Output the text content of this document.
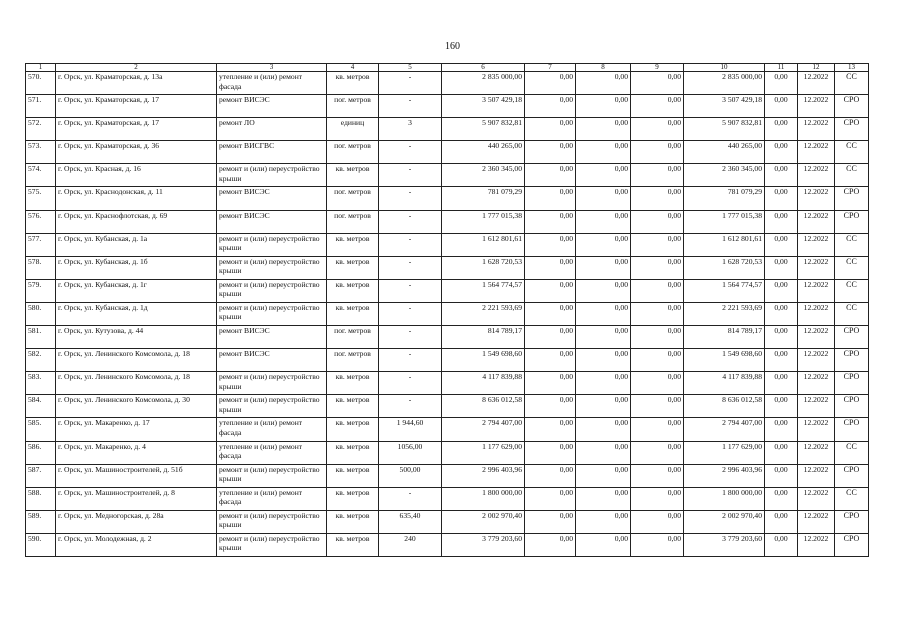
160
1	2	3	4	5	6	7	8	9	10	11	12	13
570.	г. Орск, ул. Краматорская, д. 13а	утепление и (или) ремонт фасада	кв. метров	-	2 835 000,00	0,00	0,00	0,00	2 835 000,00	0,00	12.2022	СС
571.	г. Орск, ул. Краматорская, д. 17	ремонт ВИСЭС	пог. метров	-	3 507 429,18	0,00	0,00	0,00	3 507 429,18	0,00	12.2022	СРО
572.	г. Орск, ул. Краматорская, д. 17	ремонт ЛО	единиц	3	5 907 832,81	0,00	0,00	0,00	5 907 832,81	0,00	12.2022	СРО
573.	г. Орск, ул. Краматорская, д. 36	ремонт ВИСГВС	пог. метров	-	440 265,00	0,00	0,00	0,00	440 265,00	0,00	12.2022	СС
574.	г. Орск, ул. Красная, д. 16	ремонт и (или) переустройство крыши	кв. метров	-	2 360 345,00	0,00	0,00	0,00	2 360 345,00	0,00	12.2022	СС
575.	г. Орск, ул. Краснодонская, д. 11	ремонт ВИСЭС	пог. метров	-	781 079,29	0,00	0,00	0,00	781 079,29	0,00	12.2022	СРО
576.	г. Орск, ул. Краснофлотская, д. 69	ремонт ВИСЭС	пог. метров	-	1 777 015,38	0,00	0,00	0,00	1 777 015,38	0,00	12.2022	СРО
577.	г. Орск, ул. Кубанская, д. 1а	ремонт и (или) переустройство крыши	кв. метров	-	1 612 801,61	0,00	0,00	0,00	1 612 801,61	0,00	12.2022	СС
578.	г. Орск, ул. Кубанская, д. 1б	ремонт и (или) переустройство крыши	кв. метров	-	1 628 720,53	0,00	0,00	0,00	1 628 720,53	0,00	12.2022	СС
579.	г. Орск, ул. Кубанская, д. 1г	ремонт и (или) переустройство крыши	кв. метров	-	1 564 774,57	0,00	0,00	0,00	1 564 774,57	0,00	12.2022	СС
580.	г. Орск, ул. Кубанская, д. 1д	ремонт и (или) переустройство крыши	кв. метров	-	2 221 593,69	0,00	0,00	0,00	2 221 593,69	0,00	12.2022	СС
581.	г. Орск, ул. Кутузова, д. 44	ремонт ВИСЭС	пог. метров	-	814 789,17	0,00	0,00	0,00	814 789,17	0,00	12.2022	СРО
582.	г. Орск, ул. Ленинского Комсомола, д. 18	ремонт ВИСЭС	пог. метров	-	1 549 698,60	0,00	0,00	0,00	1 549 698,60	0,00	12.2022	СРО
583.	г. Орск, ул. Ленинского Комсомола, д. 18	ремонт и (или) переустройство крыши	кв. метров	-	4 117 839,88	0,00	0,00	0,00	4 117 839,88	0,00	12.2022	СРО
584.	г. Орск, ул. Ленинского Комсомола, д. 30	ремонт и (или) переустройство крыши	кв. метров	-	8 636 012,58	0,00	0,00	0,00	8 636 012,58	0,00	12.2022	СРО
585.	г. Орск, ул. Макаренко, д. 17	утепление и (или) ремонт фасада	кв. метров	1 944,60	2 794 407,00	0,00	0,00	0,00	2 794 407,00	0,00	12.2022	СРО
586.	г. Орск, ул. Макаренко, д. 4	утепление и (или) ремонт фасада	кв. метров	1056,00	1 177 629,00	0,00	0,00	0,00	1 177 629,00	0,00	12.2022	СС
587.	г. Орск, ул. Машиностроителей, д. 51б	ремонт и (или) переустройство крыши	кв. метров	500,00	2 996 403,96	0,00	0,00	0,00	2 996 403,96	0,00	12.2022	СРО
588.	г. Орск, ул. Машиностроителей, д. 8	утепление и (или) ремонт фасада	кв. метров	-	1 800 000,00	0,00	0,00	0,00	1 800 000,00	0,00	12.2022	СС
589.	г. Орск, ул. Медногорская, д. 28а	ремонт и (или) переустройство крыши	кв. метров	635,40	2 002 970,40	0,00	0,00	0,00	2 002 970,40	0,00	12.2022	СРО
590.	г. Орск, ул. Молодежная, д. 2	ремонт и (или) переустройство крыши	кв. метров	240	3 779 203,60	0,00	0,00	0,00	3 779 203,60	0,00	12.2022	СРО
